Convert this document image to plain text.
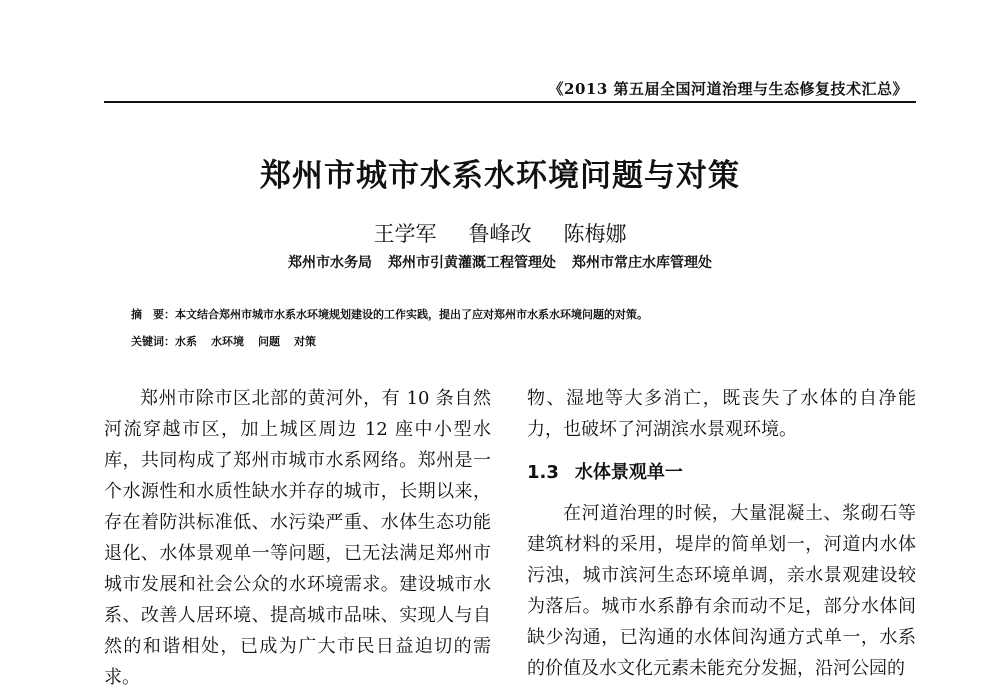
《2013 第五届全国河道治理与生态修复技术汇总》
郑州市城市水系水环境问题与对策
王学军 鲁峰改 陈梅娜
郑州市水务局 郑州市引黄灌溉工程管理处 郑州市常庄水库管理处
摘　要：本文结合郑州市城市水系水环境规划建设的工作实践，提出了应对郑州市水系水环境问题的对策。
关键词：水系 水环境 问题 对策

郑州市除市区北部的黄河外，有 10 条自然河流穿越市区，加上城区周边 12 座中小型水库，共同构成了郑州市城市水系网络。郑州是一个水源性和水质性缺水并存的城市，长期以来，存在着防洪标准低、水污染严重、水体生态功能退化、水体景观单一等问题，已无法满足郑州市城市发展和社会公众的水环境需求。建设城市水系、改善人居环境、提高城市品味、实现人与自然的和谐相处，已成为广大市民日益迫切的需求。

物、湿地等大多消亡，既丧失了水体的自净能力，也破坏了河湖滨水景观环境。

1.3 水体景观单一

在河道治理的时候，大量混凝土、浆砌石等建筑材料的采用，堤岸的简单划一，河道内水体污浊，城市滨河生态环境单调，亲水景观建设较为落后。城市水系静有余而动不足，部分水体间缺少沟通，已沟通的水体间沟通方式单一，水系的价值及水文化元素未能充分发掘，沿河公园的
